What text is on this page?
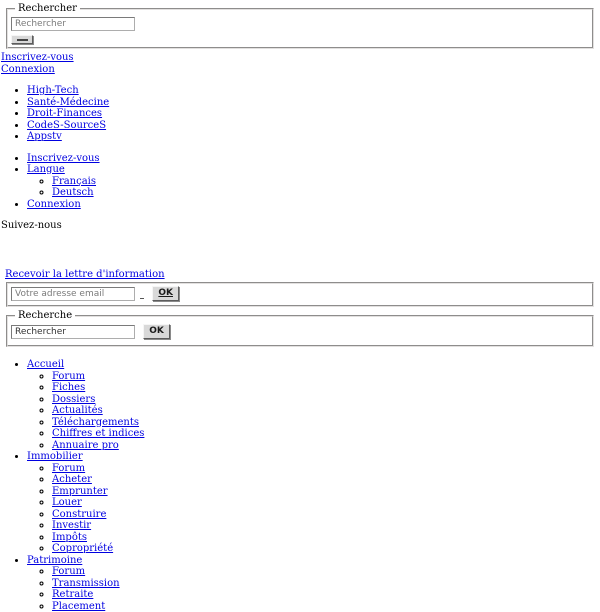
Rechercher
Rechercher
Inscrivez-vous
Connexion
• High-Tech
• Santé-Médecine
• Droit-Finances
• CodeS-SourceS
• Appstv
• Inscrivez-vous
• Langue
◦ Français
◦ Deutsch
• Connexion

Suivez-nous

Recevoir la lettre d'information
Votre adresse email  OK
Recherche
Rechercher OK
• Accueil
◦ Forum
◦ Fiches
◦ Dossiers
◦ Actualités
◦ Téléchargements
◦ Chiffres et indices
◦ Annuaire pro
• Immobilier
◦ Forum
◦ Acheter
◦ Emprunter
◦ Louer
◦ Construire
◦ Investir
◦ Impôts
◦ Copropriété
• Patrimoine
◦ Forum
◦ Transmission
◦ Retraite
◦ Placement
